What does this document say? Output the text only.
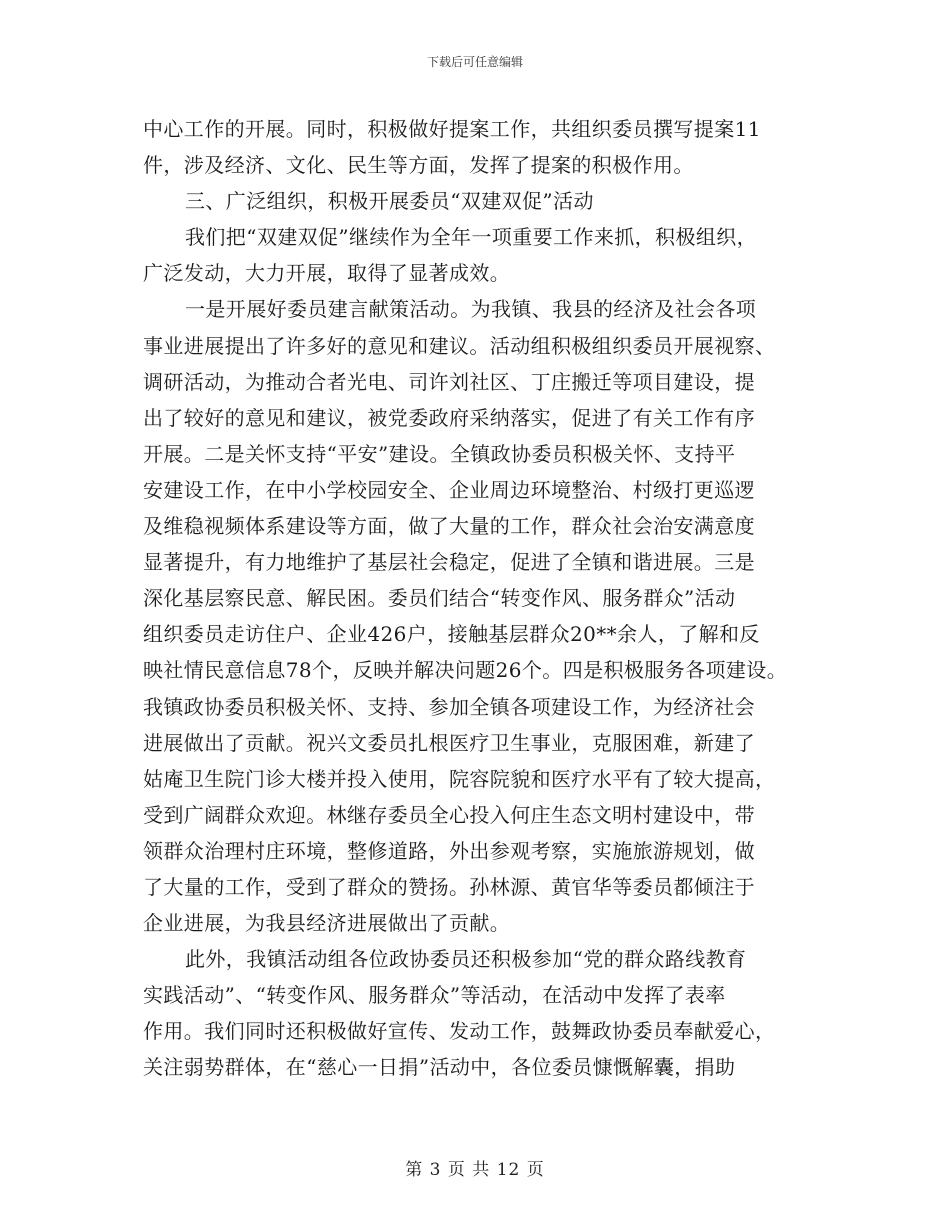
下载后可任意编辑
中心工作的开展。同时，积极做好提案工作，共组织委员撰写提案11
件，涉及经济、文化、民生等方面，发挥了提案的积极作用。
三、广泛组织，积极开展委员“双建双促”活动
我们把“双建双促”继续作为全年一项重要工作来抓，积极组织，
广泛发动，大力开展，取得了显著成效。
一是开展好委员建言献策活动。为我镇、我县的经济及社会各项
事业进展提出了许多好的意见和建议。活动组积极组织委员开展视察、
调研活动，为推动合者光电、司许刘社区、丁庄搬迁等项目建设，提
出了较好的意见和建议，被党委政府采纳落实，促进了有关工作有序
开展。二是关怀支持“平安”建设。全镇政协委员积极关怀、支持平
安建设工作，在中小学校园安全、企业周边环境整治、村级打更巡逻
及维稳视频体系建设等方面，做了大量的工作，群众社会治安满意度
显著提升，有力地维护了基层社会稳定，促进了全镇和谐进展。三是
深化基层察民意、解民困。委员们结合“转变作风、服务群众”活动
组织委员走访住户、企业426户，接触基层群众20**余人，了解和反
映社情民意信息78个，反映并解决问题26个。四是积极服务各项建设。
我镇政协委员积极关怀、支持、参加全镇各项建设工作，为经济社会
进展做出了贡献。祝兴文委员扎根医疗卫生事业，克服困难，新建了
姑庵卫生院门诊大楼并投入使用，院容院貌和医疗水平有了较大提高，
受到广阔群众欢迎。林继存委员全心投入何庄生态文明村建设中，带
领群众治理村庄环境，整修道路，外出参观考察，实施旅游规划，做
了大量的工作，受到了群众的赞扬。孙林源、黄官华等委员都倾注于
企业进展，为我县经济进展做出了贡献。
此外，我镇活动组各位政协委员还积极参加“党的群众路线教育
实践活动”、“转变作风、服务群众”等活动，在活动中发挥了表率
作用。我们同时还积极做好宣传、发动工作，鼓舞政协委员奉献爱心，
关注弱势群体，在“慈心一日捐”活动中，各位委员慷慨解囊，捐助
第 3 页 共 12 页
